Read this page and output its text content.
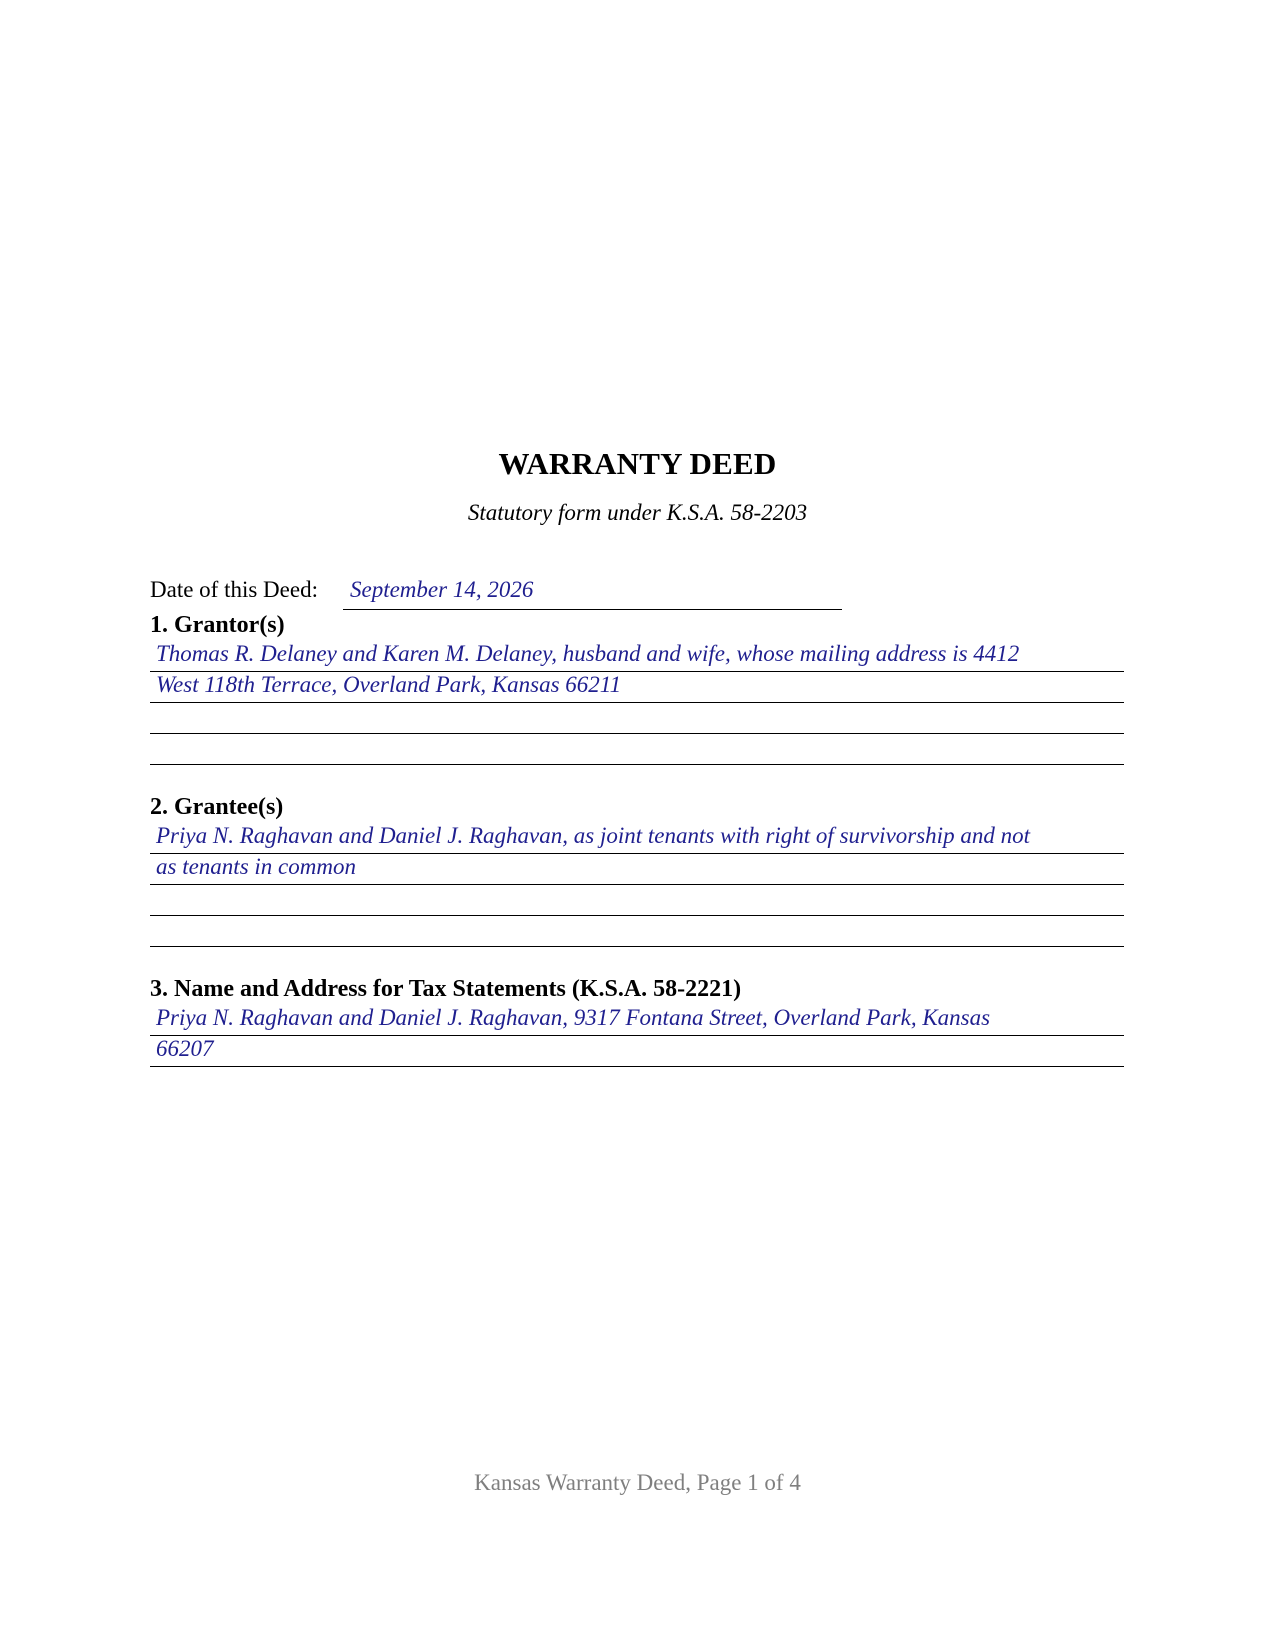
WARRANTY DEED
Statutory form under K.S.A. 58-2203
Date of this Deed: September 14, 2026
1. Grantor(s)
Thomas R. Delaney and Karen M. Delaney, husband and wife, whose mailing address is 4412
West 118th Terrace, Overland Park, Kansas 66211
2. Grantee(s)
Priya N. Raghavan and Daniel J. Raghavan, as joint tenants with right of survivorship and not
as tenants in common
3. Name and Address for Tax Statements (K.S.A. 58-2221)
Priya N. Raghavan and Daniel J. Raghavan, 9317 Fontana Street, Overland Park, Kansas
66207
Kansas Warranty Deed, Page 1 of 4
